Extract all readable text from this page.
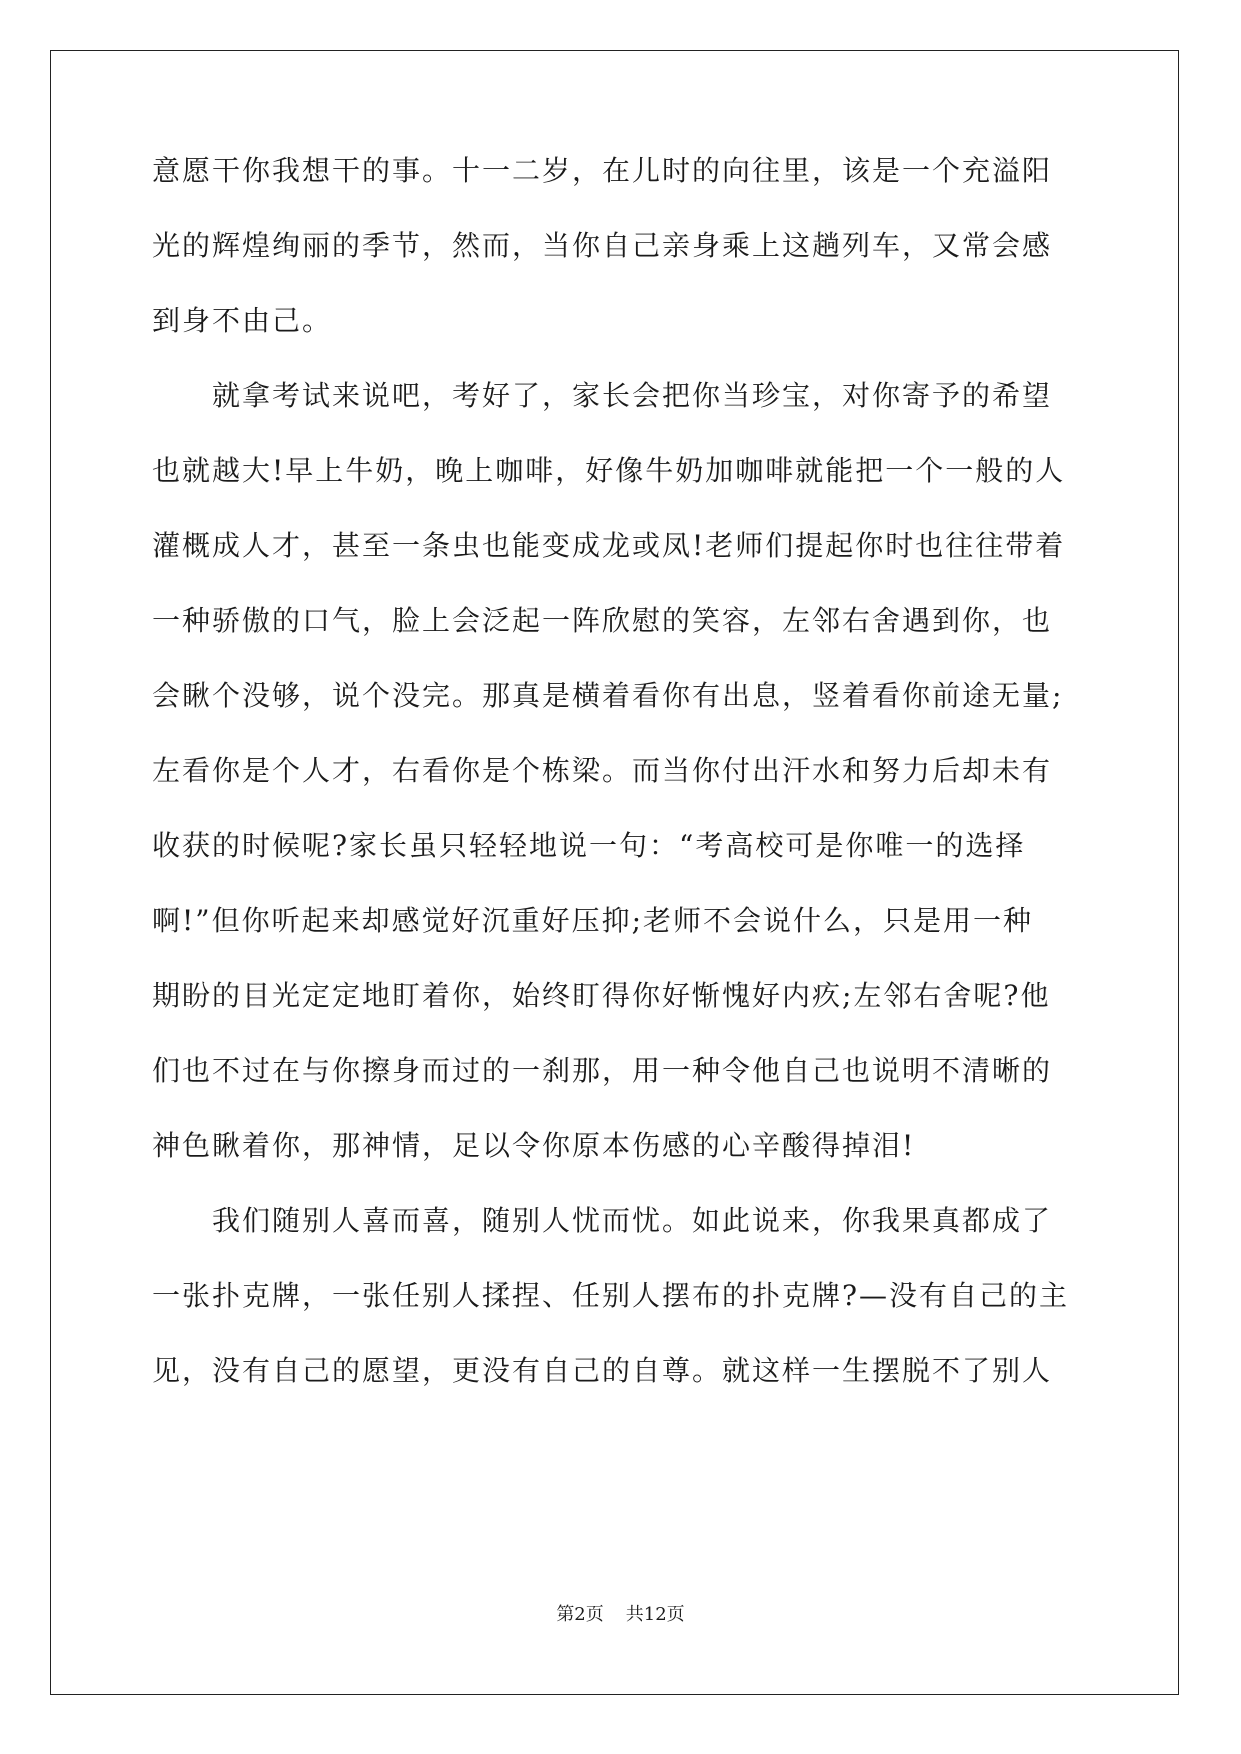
意愿干你我想干的事。十一二岁，在儿时的向往里，该是一个充溢阳
光的辉煌绚丽的季节，然而，当你自己亲身乘上这趟列车，又常会感
到身不由己。
　　就拿考试来说吧，考好了，家长会把你当珍宝，对你寄予的希望
也就越大!早上牛奶，晚上咖啡，好像牛奶加咖啡就能把一个一般的人
灌概成人才，甚至一条虫也能变成龙或凤!老师们提起你时也往往带着
一种骄傲的口气，脸上会泛起一阵欣慰的笑容，左邻右舍遇到你，也
会瞅个没够，说个没完。那真是横着看你有出息，竖着看你前途无量;
左看你是个人才，右看你是个栋梁。而当你付出汗水和努力后却未有
收获的时候呢?家长虽只轻轻地说一句：“考高校可是你唯一的选择
啊!”但你听起来却感觉好沉重好压抑;老师不会说什么，只是用一种
期盼的目光定定地盯着你，始终盯得你好惭愧好内疚;左邻右舍呢?他
们也不过在与你擦身而过的一刹那，用一种令他自己也说明不清晰的
神色瞅着你，那神情，足以令你原本伤感的心辛酸得掉泪!
　　我们随别人喜而喜，随别人忧而忧。如此说来，你我果真都成了
一张扑克牌，一张任别人揉捏、任别人摆布的扑克牌?—没有自己的主
见，没有自己的愿望，更没有自己的自尊。就这样一生摆脱不了别人
第2页 共12页
